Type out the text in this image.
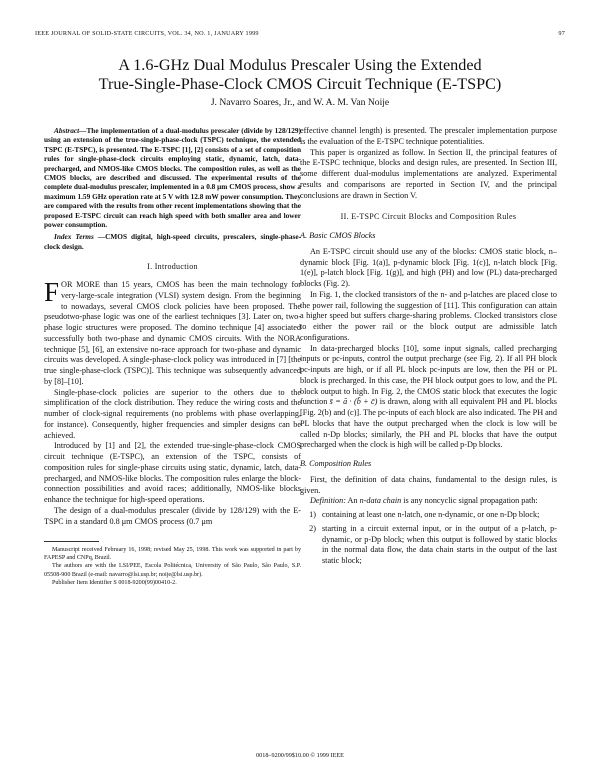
IEEE JOURNAL OF SOLID-STATE CIRCUITS, VOL. 34, NO. 1, JANUARY 1999	97
A 1.6-GHz Dual Modulus Prescaler Using the Extended
True-Single-Phase-Clock CMOS Circuit Technique (E-TSPC)
J. Navarro Soares, Jr., and W. A. M. Van Noije

Abstract—The implementation of a dual-modulus prescaler (divide by 128/129) using an extension of the true-single-phase-clock (TSPC) technique, the extended TSPC (E-TSPC), is presented. The E-TSPC [1], [2] consists of a set of composition rules for single-phase-clock circuits employing static, dynamic, latch, data-precharged, and NMOS-like CMOS blocks. The composition rules, as well as the CMOS blocks, are described and discussed. The experimental results of the complete dual-modulus prescaler, implemented in a 0.8 μm CMOS process, show a maximum 1.59 GHz operation rate at 5 V with 12.8 mW power consumption. They are compared with the results from other recent implementations showing that the proposed E-TSPC circuit can reach high speed with both smaller area and lower power consumption.

Index Terms —CMOS digital, high-speed circuits, prescalers, single-phase-clock design.

I. Introduction

FOR MORE than 15 years, CMOS has been the main technology for very-large-scale integration (VLSI) system design. From the beginning to nowadays, several CMOS clock policies have been proposed. The pseudotwo-phase logic was one of the earliest techniques [3]. Later on, two-phase logic structures were proposed. The domino technique [4] associated successfully both two-phase and dynamic CMOS circuits. With the NORA technique [5], [6], an extensive no-race approach for two-phase and dynamic circuits was developed. A single-phase-clock policy was introduced in [7] [the true single-phase-clock (TSPC)]. This technique was subsequently advanced by [8]–[10].

Single-phase-clock policies are superior to the others due to the simplification of the clock distribution. They reduce the wiring costs and the number of clock-signal requirements (no problems with phase overlapping, for instance). Consequently, higher frequencies and simpler designs can be achieved.

Introduced by [1] and [2], the extended true-single-phase-clock CMOS circuit technique (E-TSPC), an extension of the TSPC, consists of composition rules for single-phase circuits using static, dynamic, latch, data-precharged, and NMOS-like blocks. The composition rules enlarge the block-connection possibilities and avoid races; additionally, NMOS-like blocks enhance the technique for high-speed operations.

The design of a dual-modulus prescaler (divide by 128/129) with the E-TSPC in a standard 0.8 μm CMOS process (0.7 μm

Manuscript received February 16, 1998; revised May 25, 1998. This work was supported in part by FAPESP and CNPq, Brazil.

The authors are with the LSI/PEE, Escola Politécnica, University of São Paulo, São Paulo, S.P. 05508-900 Brazil (e-mail: navarro@lsi.usp.br; noije@lsi.usp.br).

Publisher Item Identifier S 0018-9200(99)00410-2.

effective channel length) is presented. The prescaler implementation purpose is the evaluation of the E-TSPC technique potentialities.

This paper is organized as follow. In Section II, the principal features of the E-TSPC technique, blocks and design rules, are presented. In Section III, some different dual-modulus implementations are analyzed. Experimental results and comparisons are reported in Section IV, and the principal conclusions are drawn in Section V.

II. E-TSPC Circuit Blocks and Composition Rules
A. Basic CMOS Blocks

An E-TSPC circuit should use any of the blocks: CMOS static block, n–dynamic block [Fig. 1(a)], p-dynamic block [Fig. 1(c)], n-latch block [Fig. 1(e)], p-latch block [Fig. 1(g)], and high (PH) and low (PL) data-precharged blocks (Fig. 2).

In Fig. 1, the clocked transistors of the n- and p-latches are placed close to the power rail, following the suggestion of [11]. This configuration can attain a higher speed but suffers charge-sharing problems. Clocked transistors close to either the power rail or the block output are admissible latch configurations.

In data-precharged blocks [10], some input signals, called precharging inputs or pc-inputs, control the output precharge (see Fig. 2). If all PH block pc-inputs are high, or if all PL block pc-inputs are low, then the PH or PL block is precharged. In this case, the PH block output goes to low, and the PL block output to high. In Fig. 2, the CMOS static block that executes the logic function s̄ = ā · (b̄ + c̄) is drawn, along with all equivalent PH and PL blocks [Fig. 2(b) and (c)]. The pc-inputs of each block are also indicated. The PH and PL blocks that have the output precharged when the clock is low will be called n-Dp blocks; similarly, the PH and PL blocks that have the output precharged when the clock is high will be called p-Dp blocks.

B. Composition Rules

First, the definition of data chains, fundamental to the design rules, is given.

Definition: An n-data chain is any noncyclic signal propagation path:

1) containing at least one n-latch, one n-dynamic, or one n-Dp block;
2) starting in a circuit external input, or in the output of a p-latch, p-dynamic, or p-Dp block; when this output is followed by static blocks in the normal data flow, the data chain starts in the output of the last static block;
0018–9200/99$10.00 © 1999 IEEE
